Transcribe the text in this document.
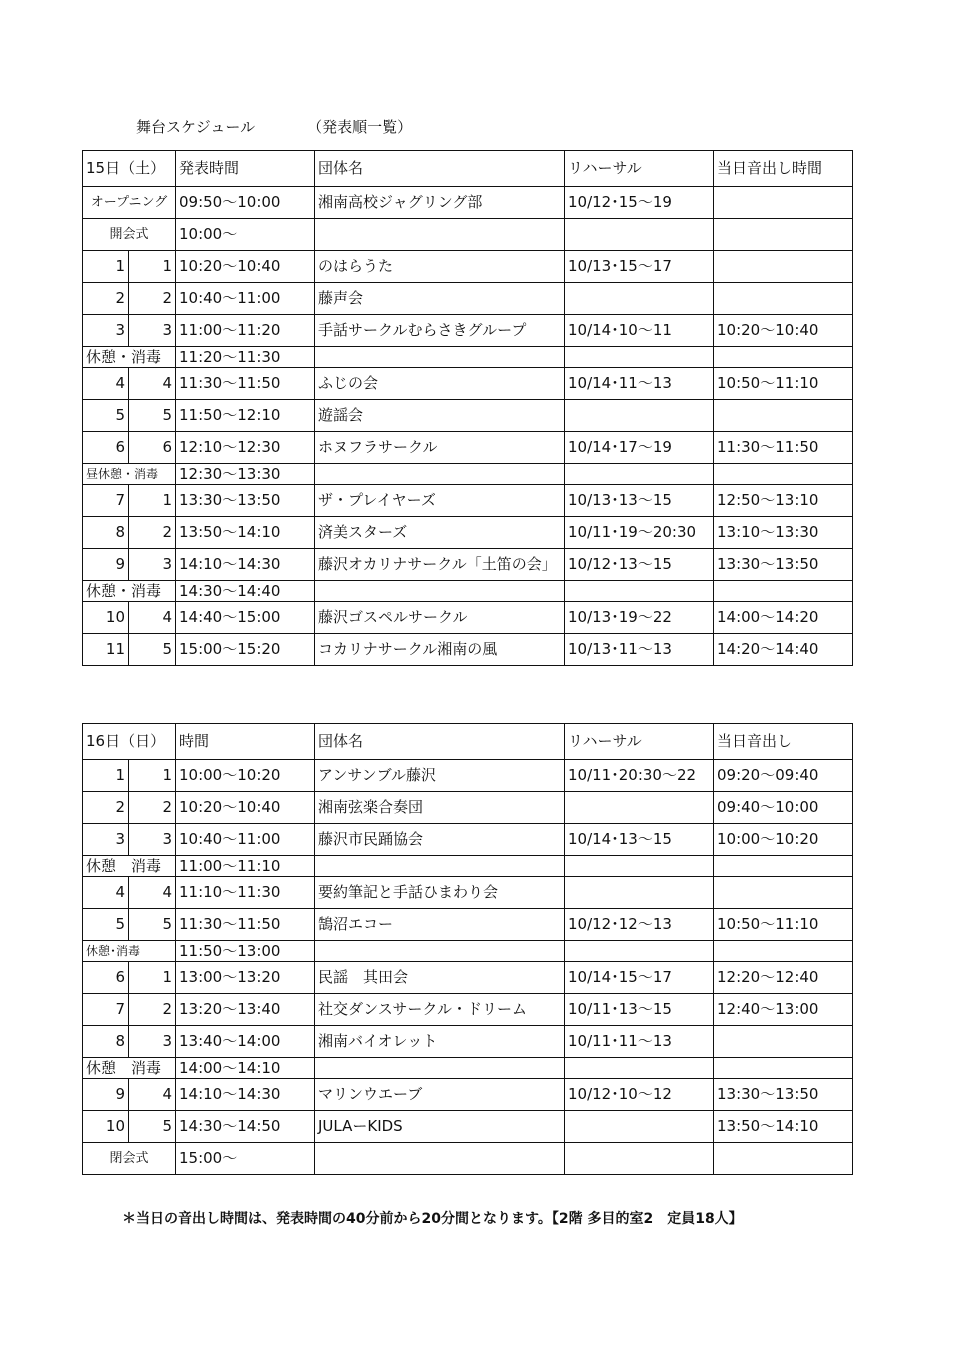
舞台スケジュール	（発表順一覧）
15日（土）		発表時間	団体名	リハーサル	当日音出し時間
オープニング		09:50～10:00	湘南高校ジャグリング部	10/12･15～19	
開会式		10:00～			
1	1	10:20～10:40	のはらうた	10/13･15～17	
2	2	10:40～11:00	藤声会		
3	3	11:00～11:20	手話サークルむらさきグループ	10/14･10～11	10:20～10:40
休憩・消毒		11:20～11:30			
4	4	11:30～11:50	ふじの会	10/14･11～13	10:50～11:10
5	5	11:50～12:10	遊謡会		
6	6	12:10～12:30	ホヌフラサークル	10/14･17～19	11:30～11:50
昼休憩・消毒		12:30～13:30			
7	1	13:30～13:50	ザ・プレイヤーズ	10/13･13～15	12:50～13:10
8	2	13:50～14:10	済美スターズ	10/11･19～20:30	13:10～13:30
9	3	14:10～14:30	藤沢オカリナサークル「土笛の会」	10/12･13～15	13:30～13:50
休憩・消毒		14:30～14:40			
10	4	14:40～15:00	藤沢ゴスペルサークル	10/13･19～22	14:00～14:20
11	5	15:00～15:20	コカリナサークル湘南の風	10/13･11～13	14:20～14:40
16日（日）		時間	団体名	リハーサル	当日音出し
1	1	10:00～10:20	アンサンブル藤沢	10/11･20:30～22	09:20～09:40
2	2	10:20～10:40	湘南弦楽合奏団		09:40～10:00
3	3	10:40～11:00	藤沢市民踊協会	10/14･13～15	10:00～10:20
休憩　消毒		11:00～11:10			
4	4	11:10～11:30	要約筆記と手話ひまわり会		
5	5	11:30～11:50	鵠沼エコー	10/12･12～13	10:50～11:10
休憩･消毒		11:50～13:00			
6	1	13:00～13:20	民謡　其田会	10/14･15～17	12:20～12:40
7	2	13:20～13:40	社交ダンスサークル・ドリーム	10/11･13～15	12:40～13:00
8	3	13:40～14:00	湘南バイオレット	10/11･11～13	
休憩　消毒		14:00～14:10			
9	4	14:10～14:30	マリンウエーブ	10/12･10～12	13:30～13:50
10	5	14:30～14:50	JULAーKIDS		13:50～14:10
閉会式		15:00～			
＊当日の音出し時間は、発表時間の40分前から20分間となります。【2階 多目的室2　定員18人】
